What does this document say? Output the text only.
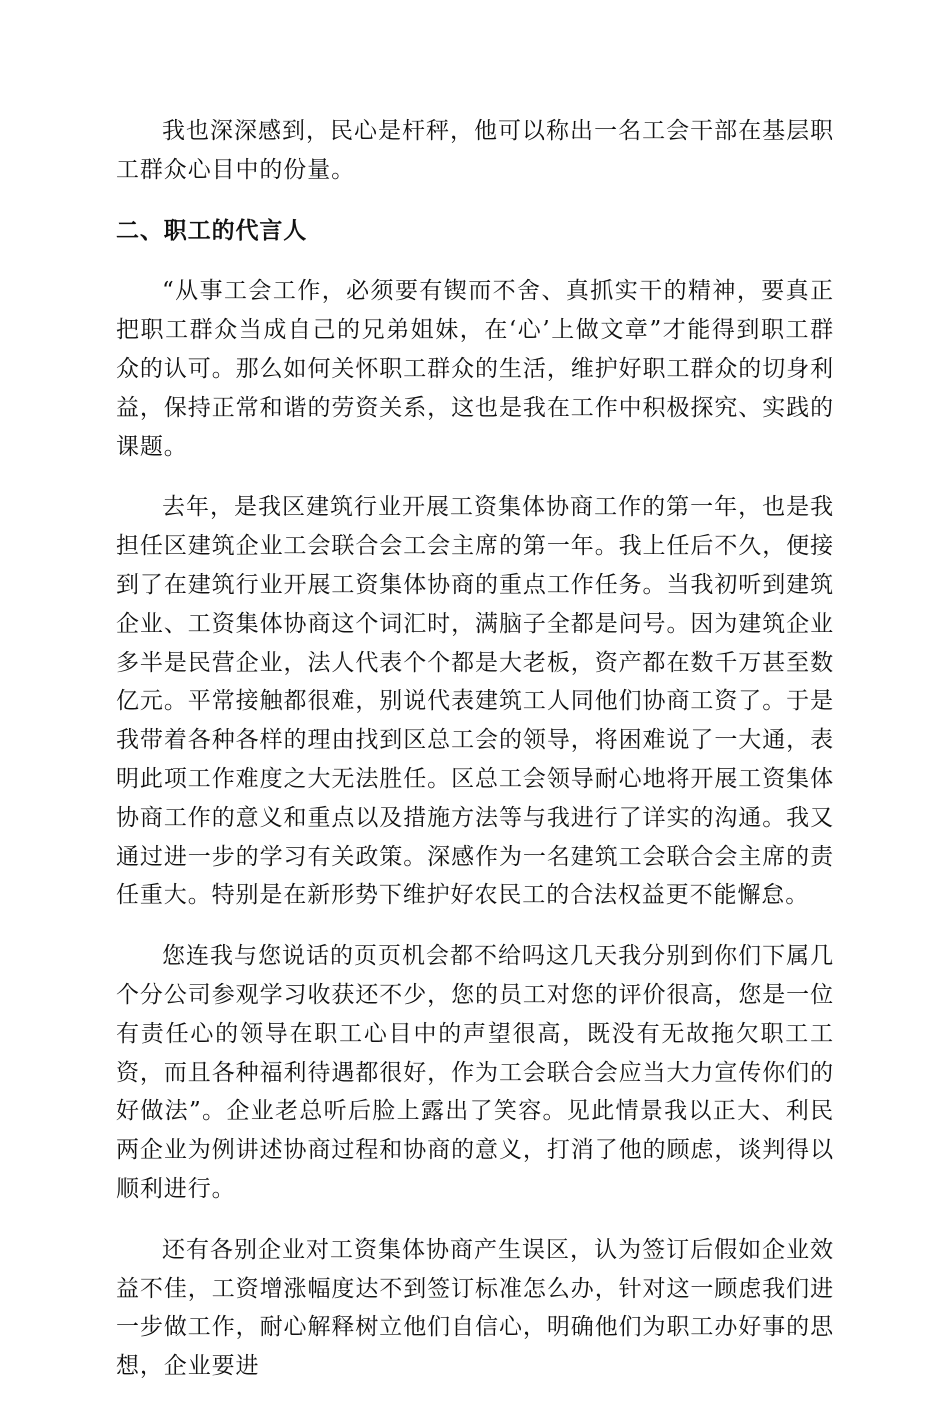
我也深深感到，民心是杆秤，他可以称出一名工会干部在基层职工群众心目中的份量。

二、职工的代言人

“从事工会工作，必须要有锲而不舍、真抓实干的精神，要真正把职工群众当成自己的兄弟姐妹，在‘心’上做文章”才能得到职工群众的认可。那么如何关怀职工群众的生活，维护好职工群众的切身利益，保持正常和谐的劳资关系，这也是我在工作中积极探究、实践的课题。

去年，是我区建筑行业开展工资集体协商工作的第一年，也是我担任区建筑企业工会联合会工会主席的第一年。我上任后不久，便接到了在建筑行业开展工资集体协商的重点工作任务。当我初听到建筑企业、工资集体协商这个词汇时，满脑子全都是问号。因为建筑企业多半是民营企业，法人代表个个都是大老板，资产都在数千万甚至数亿元。平常接触都很难，别说代表建筑工人同他们协商工资了。于是我带着各种各样的理由找到区总工会的领导，将困难说了一大通，表明此项工作难度之大无法胜任。区总工会领导耐心地将开展工资集体协商工作的意义和重点以及措施方法等与我进行了详实的沟通。我又通过进一步的学习有关政策。深感作为一名建筑工会联合会主席的责任重大。特别是在新形势下维护好农民工的合法权益更不能懈怠。

您连我与您说话的页页机会都不给吗这几天我分别到你们下属几个分公司参观学习收获还不少，您的员工对您的评价很高，您是一位有责任心的领导在职工心目中的声望很高，既没有无故拖欠职工工资，而且各种福利待遇都很好，作为工会联合会应当大力宣传你们的好做法”。企业老总听后脸上露出了笑容。见此情景我以正大、利民两企业为例讲述协商过程和协商的意义，打消了他的顾虑，谈判得以顺利进行。

还有各别企业对工资集体协商产生误区，认为签订后假如企业效益不佳，工资增涨幅度达不到签订标准怎么办，针对这一顾虑我们进一步做工作，耐心解释树立他们自信心，明确他们为职工办好事的思想，企业要进
